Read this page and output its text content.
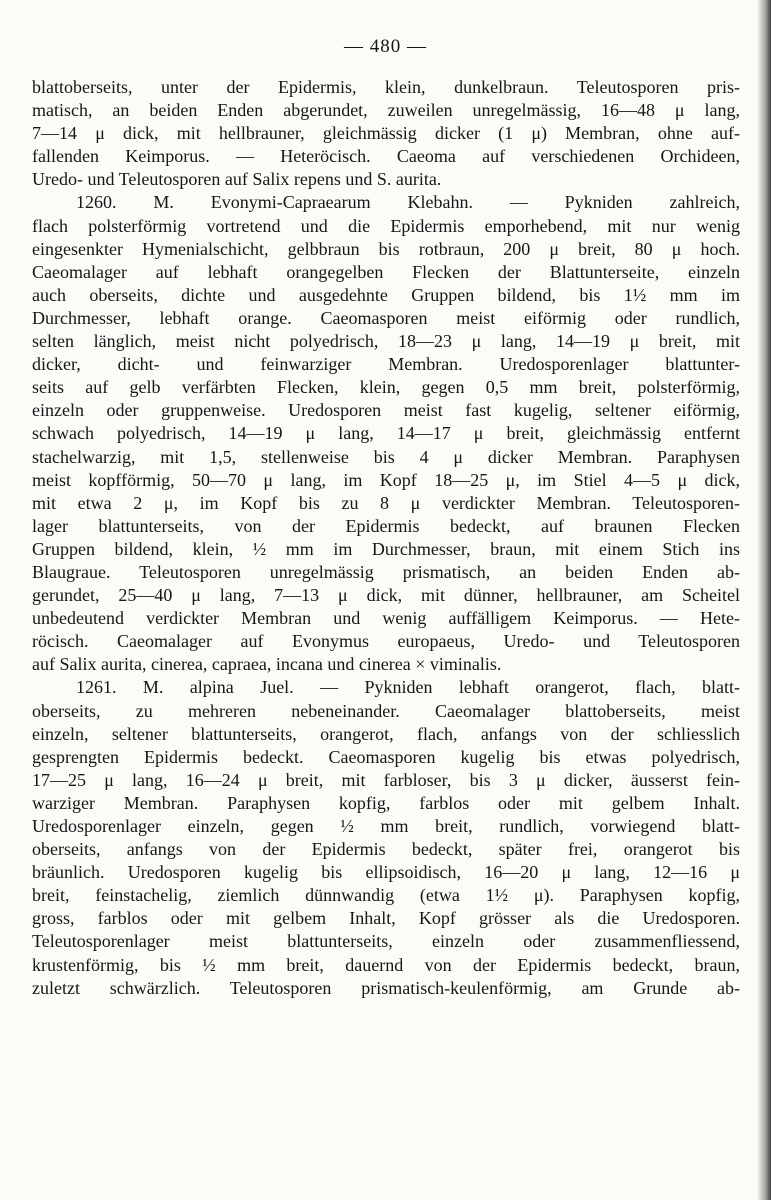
— 480 —
blattoberseits, unter der Epidermis, klein, dunkelbraun. Teleutosporen pris-
matisch, an beiden Enden abgerundet, zuweilen unregelmässig, 16—48 μ lang,
7—14 μ dick, mit hellbrauner, gleichmässig dicker (1 μ) Membran, ohne auf-
fallenden Keimporus. — Heteröcisch. Caeoma auf verschiedenen Orchideen,
Uredo- und Teleutosporen auf Salix repens und S. aurita.
1260. M. Evonymi-Capraearum Klebahn. — Pykniden zahlreich,
flach polsterförmig vortretend und die Epidermis emporhebend, mit nur wenig
eingesenkter Hymenialschicht, gelbbraun bis rotbraun, 200 μ breit, 80 μ hoch.
Caeomalager auf lebhaft orangegelben Flecken der Blattunterseite, einzeln
auch oberseits, dichte und ausgedehnte Gruppen bildend, bis 1½ mm im
Durchmesser, lebhaft orange. Caeomasporen meist eiförmig oder rundlich,
selten länglich, meist nicht polyedrisch, 18—23 μ lang, 14—19 μ breit, mit
dicker, dicht- und feinwarziger Membran. Uredosporenlager blattunter-
seits auf gelb verfärbten Flecken, klein, gegen 0,5 mm breit, polsterförmig,
einzeln oder gruppenweise. Uredosporen meist fast kugelig, seltener eiförmig,
schwach polyedrisch, 14—19 μ lang, 14—17 μ breit, gleichmässig entfernt
stachelwarzig, mit 1,5, stellenweise bis 4 μ dicker Membran. Paraphysen
meist kopfförmig, 50—70 μ lang, im Kopf 18—25 μ, im Stiel 4—5 μ dick,
mit etwa 2 μ, im Kopf bis zu 8 μ verdickter Membran. Teleutosporen-
lager blattunterseits, von der Epidermis bedeckt, auf braunen Flecken
Gruppen bildend, klein, ½ mm im Durchmesser, braun, mit einem Stich ins
Blaugraue. Teleutosporen unregelmässig prismatisch, an beiden Enden ab-
gerundet, 25—40 μ lang, 7—13 μ dick, mit dünner, hellbrauner, am Scheitel
unbedeutend verdickter Membran und wenig auffälligem Keimporus. — Hete-
röcisch. Caeomalager auf Evonymus europaeus, Uredo- und Teleutosporen
auf Salix aurita, cinerea, capraea, incana und cinerea × viminalis.
1261. M. alpina Juel. — Pykniden lebhaft orangerot, flach, blatt-
oberseits, zu mehreren nebeneinander. Caeomalager blattoberseits, meist
einzeln, seltener blattunterseits, orangerot, flach, anfangs von der schliesslich
gesprengten Epidermis bedeckt. Caeomasporen kugelig bis etwas polyedrisch,
17—25 μ lang, 16—24 μ breit, mit farbloser, bis 3 μ dicker, äusserst fein-
warziger Membran. Paraphysen kopfig, farblos oder mit gelbem Inhalt.
Uredosporenlager einzeln, gegen ½ mm breit, rundlich, vorwiegend blatt-
oberseits, anfangs von der Epidermis bedeckt, später frei, orangerot bis
bräunlich. Uredosporen kugelig bis ellipsoidisch, 16—20 μ lang, 12—16 μ
breit, feinstachelig, ziemlich dünnwandig (etwa 1½ μ). Paraphysen kopfig,
gross, farblos oder mit gelbem Inhalt, Kopf grösser als die Uredosporen.
Teleutosporenlager meist blattunterseits, einzeln oder zusammenfliessend,
krustenförmig, bis ½ mm breit, dauernd von der Epidermis bedeckt, braun,
zuletzt schwärzlich. Teleutosporen prismatisch-keulenförmig, am Grunde ab-
